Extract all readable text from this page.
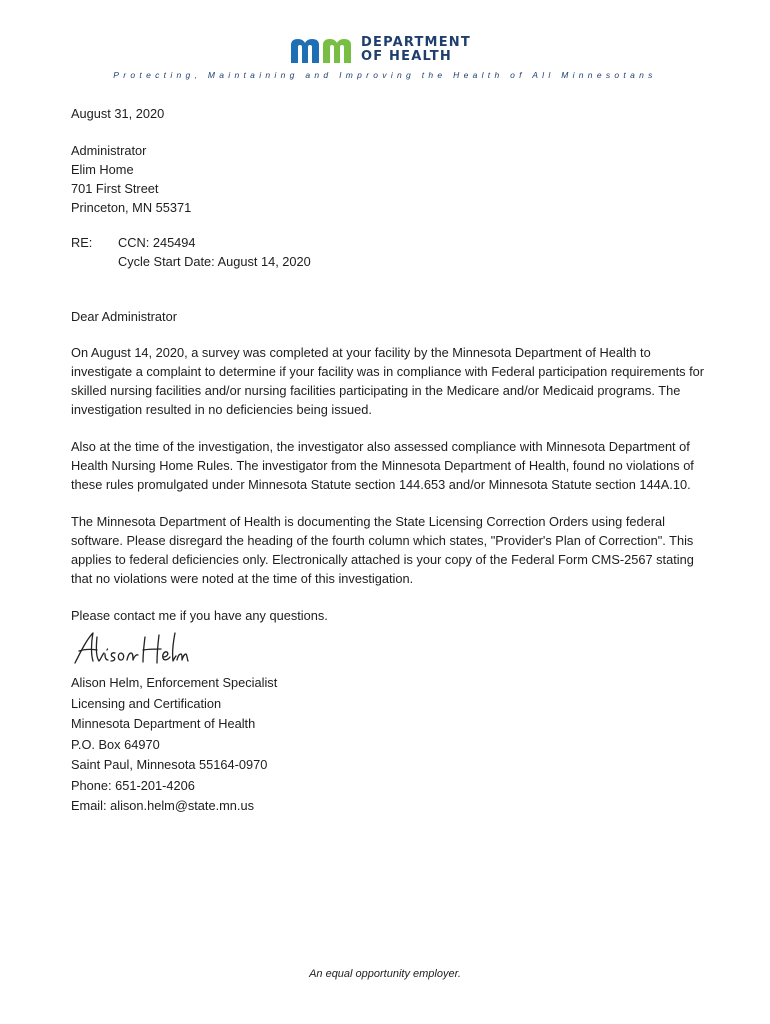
DEPARTMENT
OF HEALTH
Protecting, Maintaining and Improving the Health of All Minnesotans

August 31, 2020

Administrator

Elim Home

701 First Street

Princeton, MN 55371

RE: CCN: 245494

Cycle Start Date: August 14, 2020

Dear Administrator

On August 14, 2020, a survey was completed at your facility by the Minnesota Department of Health to investigate a complaint to determine if your facility was in compliance with Federal participation requirements for skilled nursing facilities and/or nursing facilities participating in the Medicare and/or Medicaid programs. The investigation resulted in no deficiencies being issued.

Also at the time of the investigation, the investigator also assessed compliance with Minnesota Department of Health Nursing Home Rules. The investigator from the Minnesota Department of Health, found no violations of these rules promulgated under Minnesota Statute section 144.653 and/or Minnesota Statute section 144A.10.

The Minnesota Department of Health is documenting the State Licensing Correction Orders using federal software. Please disregard the heading of the fourth column which states, "Provider's Plan of Correction". This applies to federal deficiencies only. Electronically attached is your copy of the Federal Form CMS-2567 stating that no violations were noted at the time of this investigation.

Please contact me if you have any questions.

Alison Helm, Enforcement Specialist

Licensing and Certification

Minnesota Department of Health

P.O. Box 64970

Saint Paul, Minnesota 55164-0970

Phone: 651-201-4206

Email: alison.helm@state.mn.us

An equal opportunity employer.
